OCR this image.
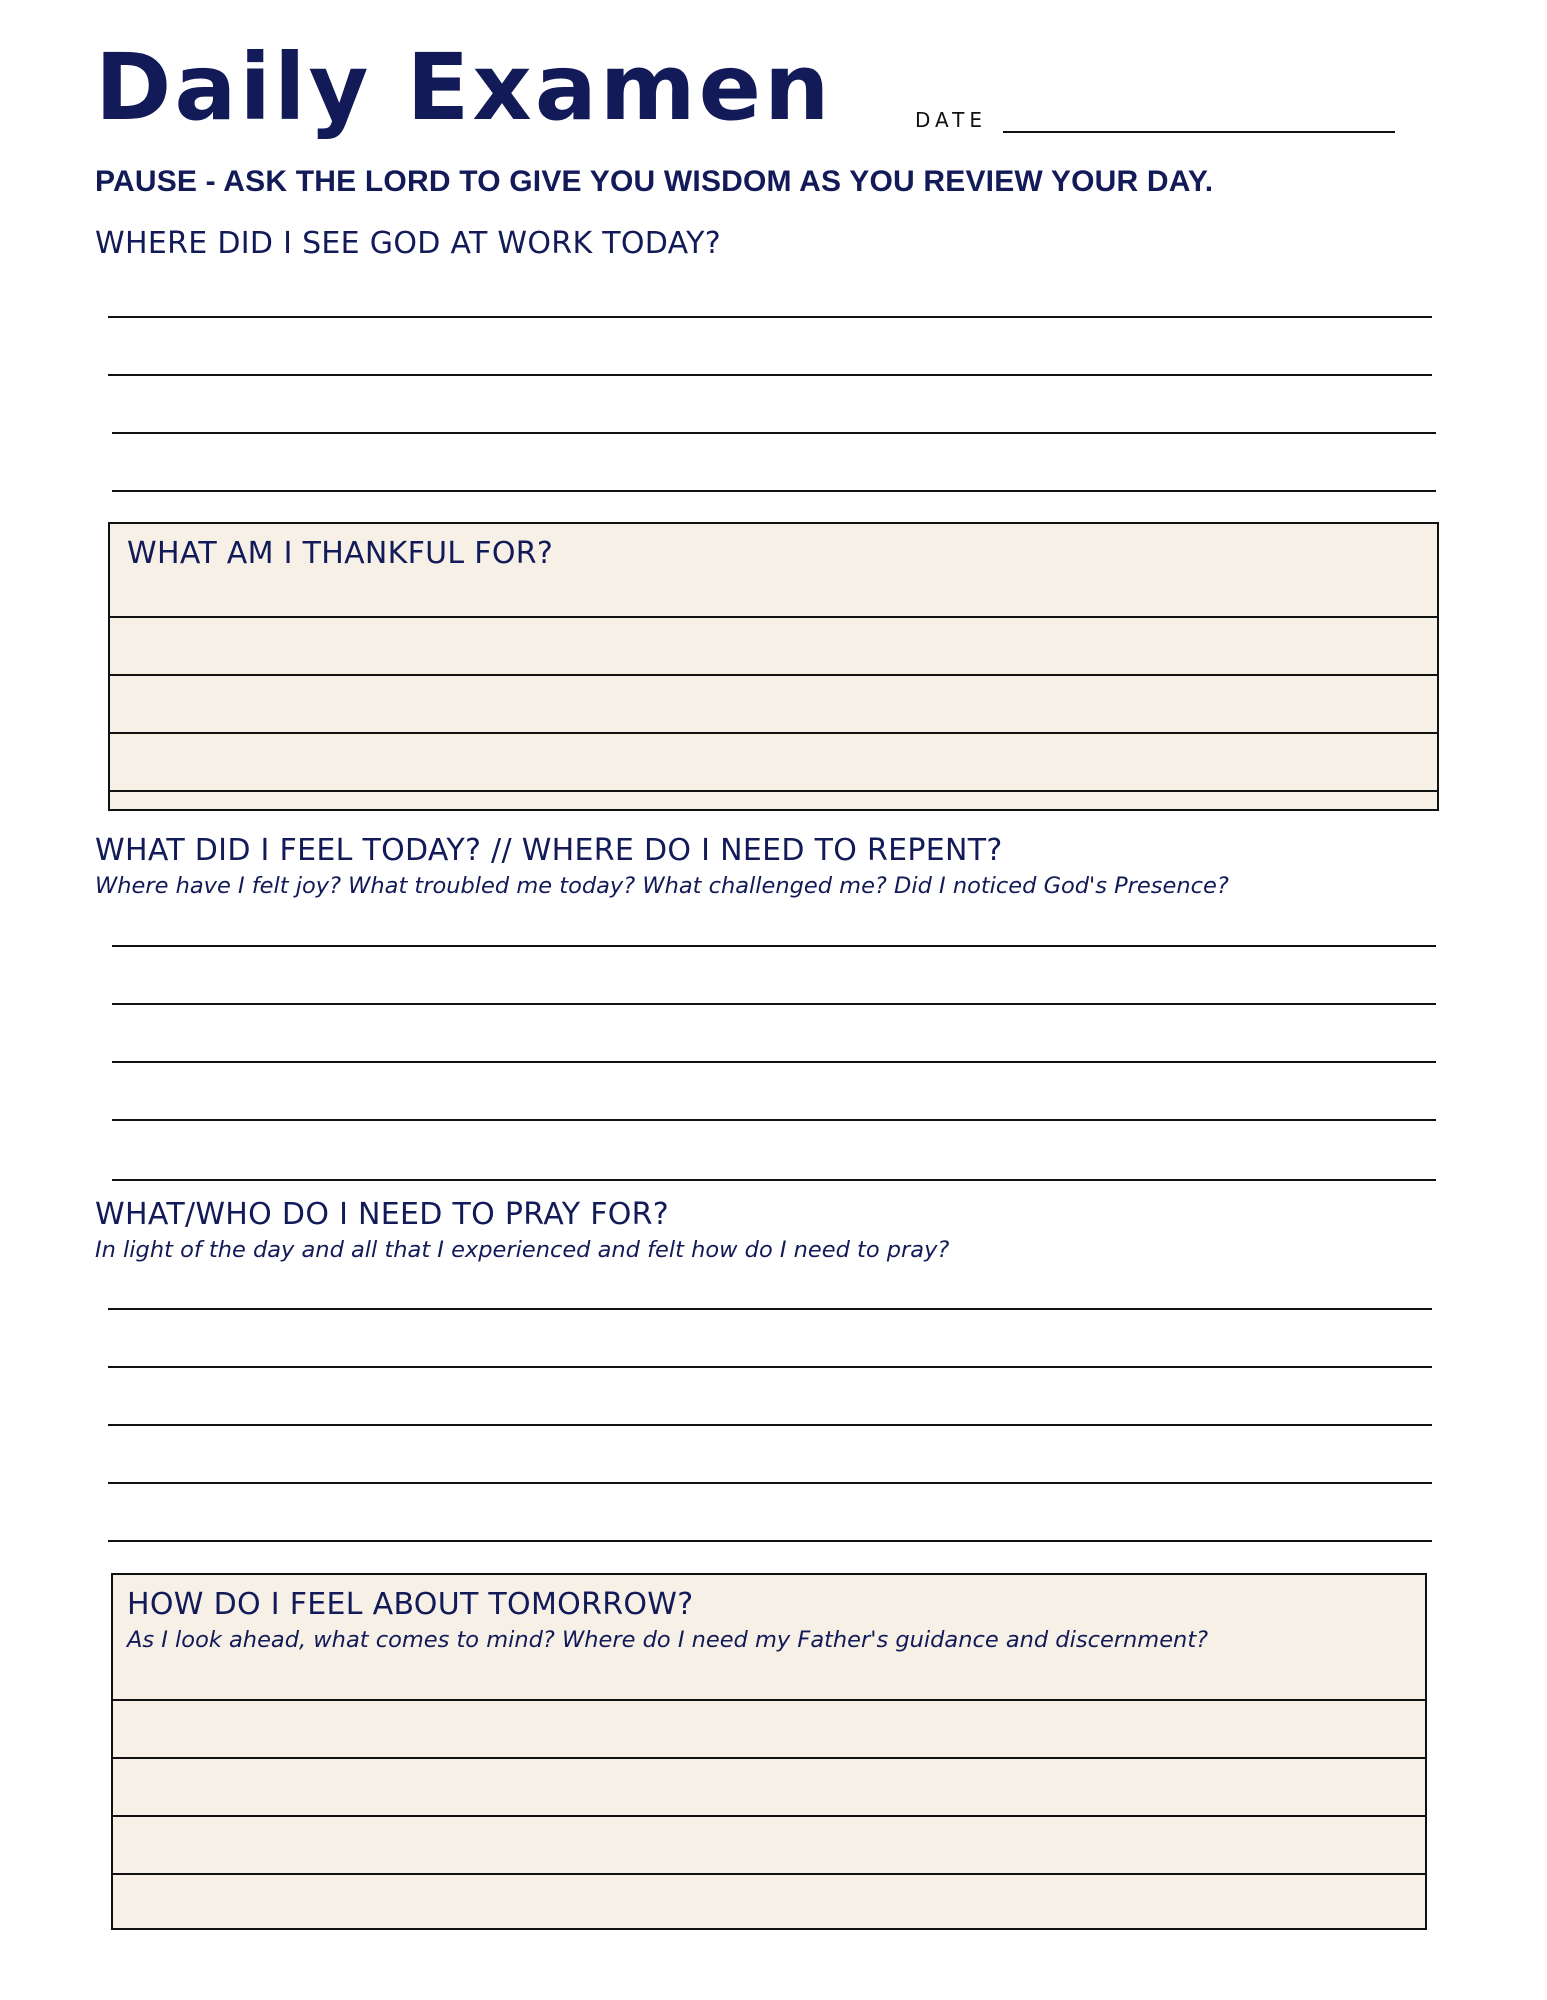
Daily Examen	DATE
PAUSE - ASK THE LORD TO GIVE YOU WISDOM AS YOU REVIEW YOUR DAY.
WHERE DID I SEE GOD AT WORK TODAY?
WHAT AM I THANKFUL FOR?
WHAT DID I FEEL TODAY? // WHERE DO I NEED TO REPENT?
Where have I felt joy? What troubled me today? What challenged me? Did I noticed God's Presence?
WHAT/WHO DO I NEED TO PRAY FOR?
In light of the day and all that I experienced and felt how do I need to pray?
HOW DO I FEEL ABOUT TOMORROW?
As I look ahead, what comes to mind? Where do I need my Father's guidance and discernment?
